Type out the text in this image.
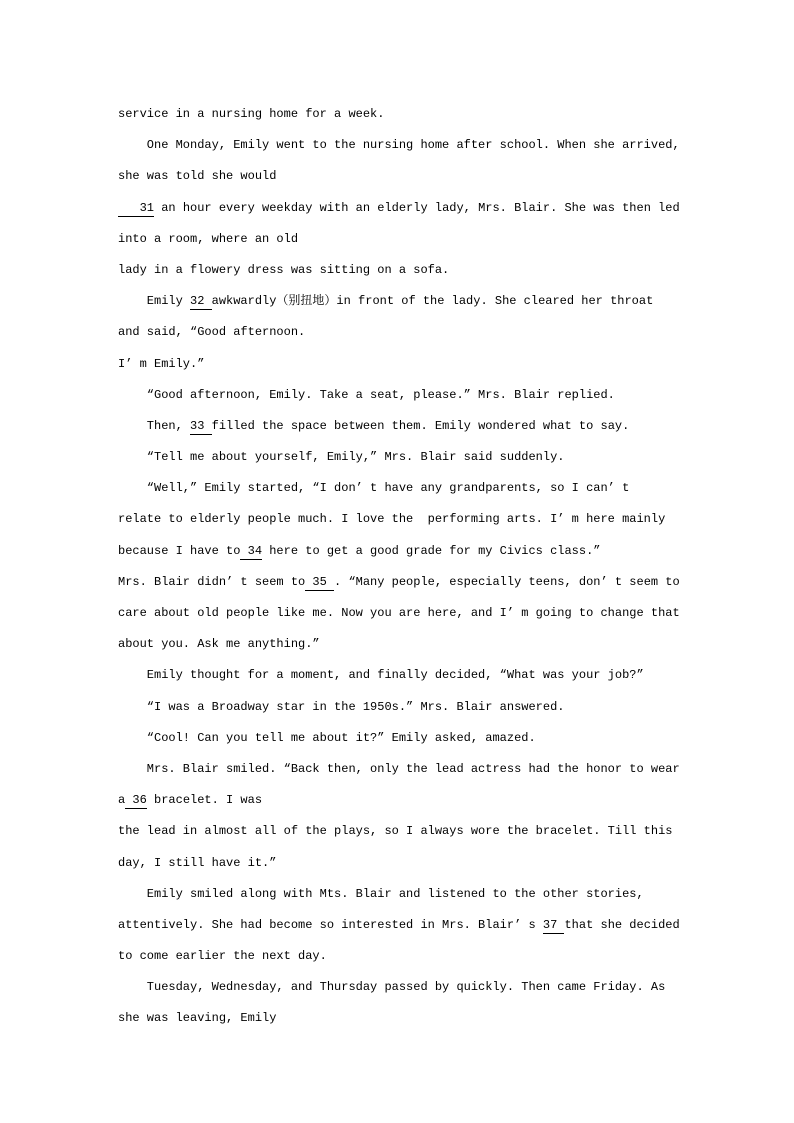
service in a nursing home for a week.
One Monday, Emily went to the nursing home after school. When she arrived,
she was told she would
31 an hour every weekday with an elderly lady, Mrs. Blair. She was then led
into a room, where an old
lady in a flowery dress was sitting on a sofa.
Emily 32 awkwardly（别扭地）in front of the lady. She cleared her throat
and said, “Good afternoon.
I’ m Emily.”
“Good afternoon, Emily. Take a seat, please.” Mrs. Blair replied.
Then, 33 filled the space between them. Emily wondered what to say.
“Tell me about yourself, Emily,” Mrs. Blair said suddenly.
“Well,” Emily started, “I don’ t have any grandparents, so I can’ t
relate to elderly people much. I love the  performing arts. I’ m here mainly
because I have to 34 here to get a good grade for my Civics class.”
Mrs. Blair didn’ t seem to 35 . “Many people, especially teens, don’ t seem to
care about old people like me. Now you are here, and I’ m going to change that
about you. Ask me anything.”
Emily thought for a moment, and finally decided, “What was your job?”
“I was a Broadway star in the 1950s.” Mrs. Blair answered.
“Cool! Can you tell me about it?” Emily asked, amazed.
Mrs. Blair smiled. “Back then, only the lead actress had the honor to wear
a 36 bracelet. I was
the lead in almost all of the plays, so I always wore the bracelet. Till this
day, I still have it.”
Emily smiled along with Mts. Blair and listened to the other stories,
attentively. She had become so interested in Mrs. Blair’ s 37 that she decided
to come earlier the next day.
Tuesday, Wednesday, and Thursday passed by quickly. Then came Friday. As
she was leaving, Emily
